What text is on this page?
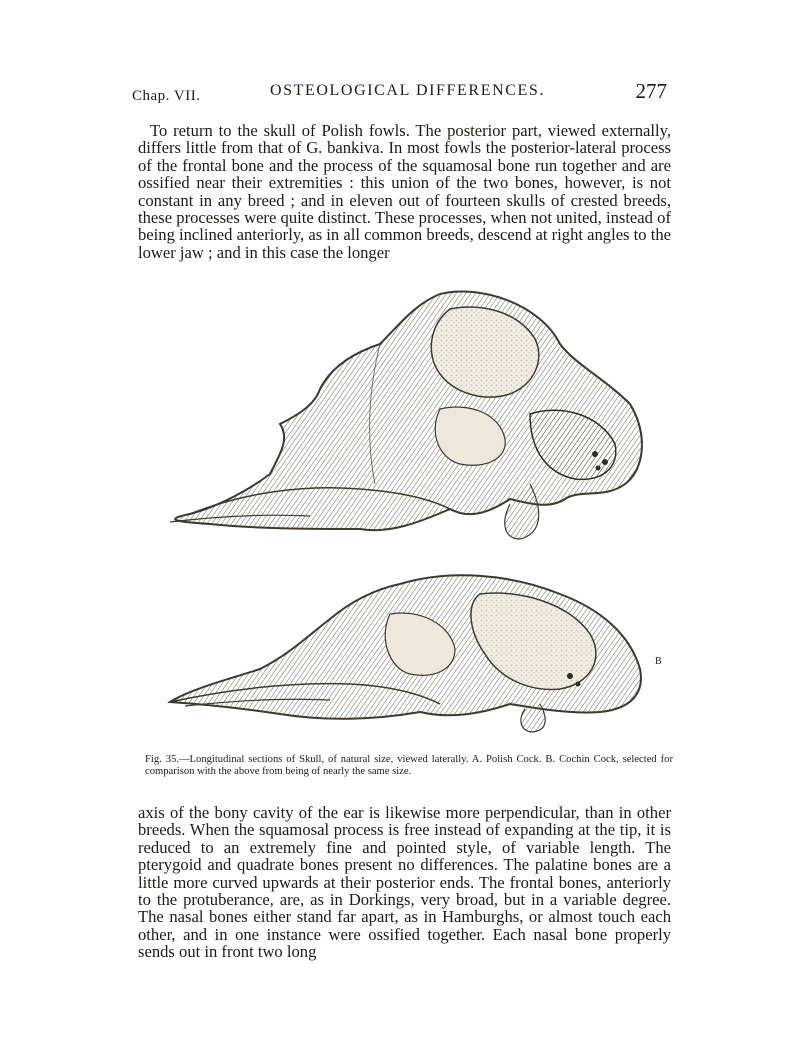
Chap. VII.	OSTEOLOGICAL DIFFERENCES.	277

To return to the skull of Polish fowls. The posterior part, viewed externally, differs little from that of G. bankiva. In most fowls the posterior-lateral process of the frontal bone and the process of the squamosal bone run together and are ossified near their extremities : this union of the two bones, however, is not constant in any breed ; and in eleven out of fourteen skulls of crested breeds, these processes were quite distinct. These processes, when not united, instead of being inclined anteriorly, as in all common breeds, descend at right angles to the lower jaw ; and in this case the longer

B

Fig. 35.—Longitudinal sections of Skull, of natural size, viewed laterally. A. Polish Cock. B. Cochin Cock, selected for comparison with the above from being of nearly the same size.

axis of the bony cavity of the ear is likewise more perpendicular, than in other breeds. When the squamosal process is free instead of expanding at the tip, it is reduced to an extremely fine and pointed style, of variable length. The pterygoid and quadrate bones present no differences. The palatine bones are a little more curved upwards at their posterior ends. The frontal bones, anteriorly to the protuberance, are, as in Dorkings, very broad, but in a variable degree. The nasal bones either stand far apart, as in Hamburghs, or almost touch each other, and in one instance were ossified together. Each nasal bone properly sends out in front two long
